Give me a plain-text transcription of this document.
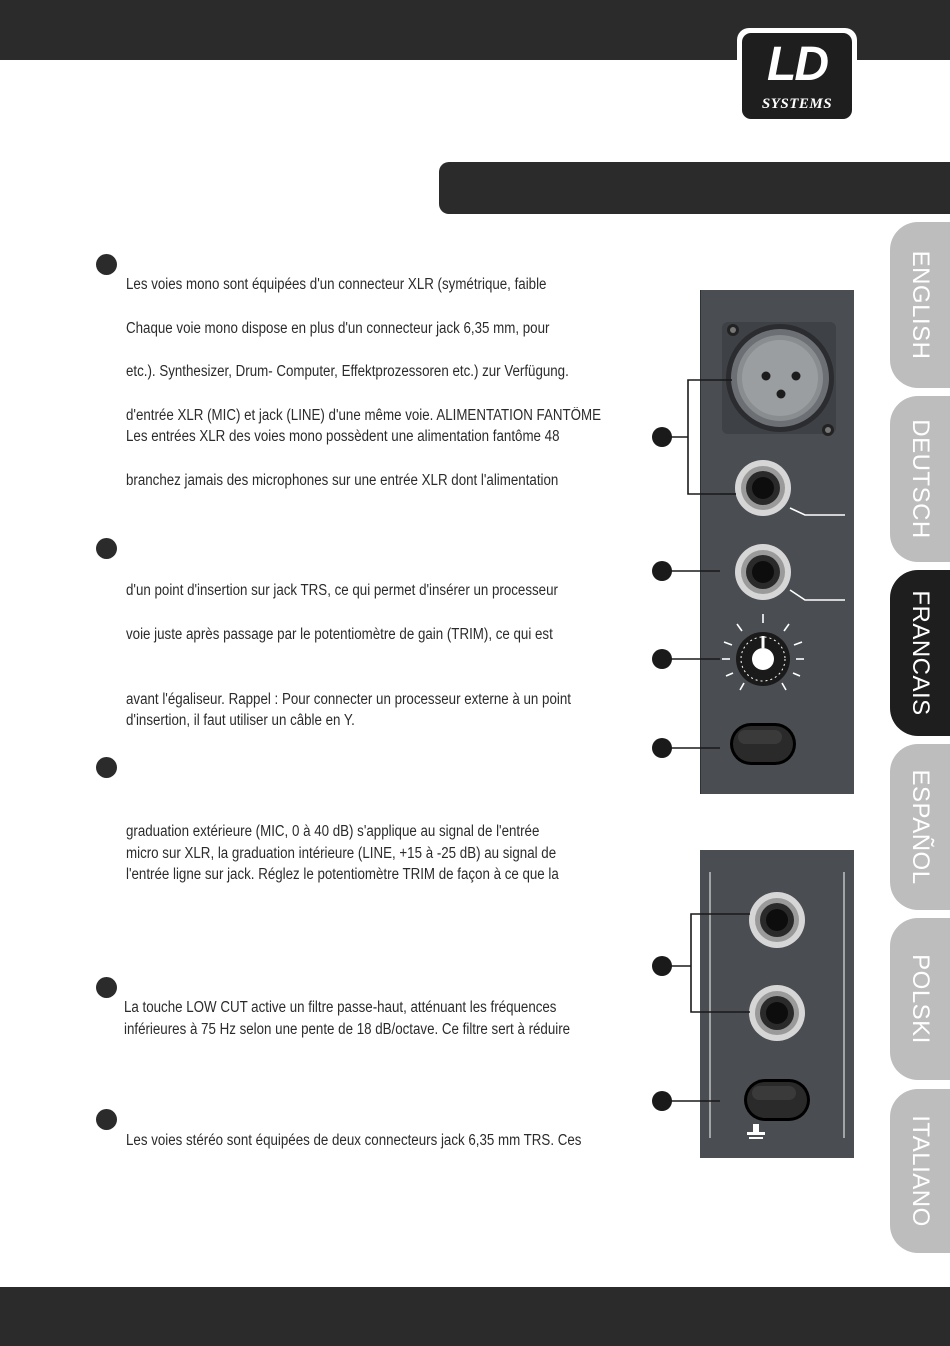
LD
SYSTEMS
Les voies mono sont équipées d'un connecteur XLR (symétrique, faible
Chaque voie mono dispose en plus d'un connecteur jack 6,35 mm, pour
etc.). Synthesizer, Drum- Computer, Effektprozessoren etc.) zur Verfügung.
d'entrée XLR (MIC) et jack (LINE) d'une même voie. ALIMENTATION FANTÔME
Les entrées XLR des voies mono possèdent une alimentation fantôme 48
branchez jamais des microphones sur une entrée XLR dont l'alimentation
d'un point d'insertion sur jack TRS, ce qui permet d'insérer un processeur
voie juste après passage par le potentiomètre de gain (TRIM), ce qui est
avant l'égaliseur. Rappel : Pour connecter un processeur externe à un point
d'insertion, il faut utiliser un câble en Y.
graduation extérieure (MIC, 0 à 40 dB) s'applique au signal de l'entrée
micro sur XLR, la graduation intérieure (LINE, +15 à -25 dB) au signal de
l'entrée ligne sur jack. Réglez le potentiomètre TRIM de façon à ce que la
La touche LOW CUT active un filtre passe-haut, atténuant les fréquences
inférieures à 75 Hz selon une pente de 18 dB/octave. Ce filtre sert à réduire
Les voies stéréo sont équipées de deux connecteurs jack 6,35 mm TRS. Ces
ENGLISH
DEUTSCH
FRANCAIS
ESPAÑOL
POLSKI
ITALIANO
